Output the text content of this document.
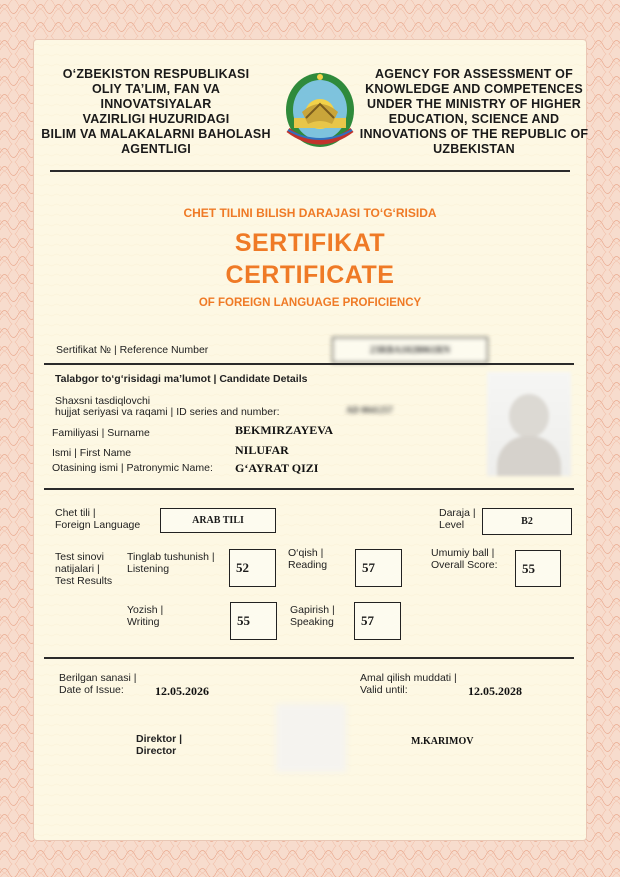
O‘ZBEKISTON RESPUBLIKASI
OLIY TA’LIM, FAN VA INNOVATSIYALAR
VAZIRLIGI HUZURIDAGI
BILIM VA MALAKALARNI BAHOLASH
AGENTLIGI
AGENCY FOR ASSESSMENT OF
KNOWLEDGE AND COMPETENCES
UNDER THE MINISTRY OF HIGHER
EDUCATION, SCIENCE AND
INNOVATIONS OF THE REPUBLIC OF
UZBEKISTAN
CHET TILINI BILISH DARAJASI TO‘G‘RISIDA
SERTIFIKAT
CERTIFICATE
OF FOREIGN LANGUAGE PROFICIENCY
Sertifikat № | Reference Number	23RBA1028061RN
Talabgor to‘g‘risidagi ma’lumot | Candidate Details
Shaxsni tasdiqlovchi
hujjat seriyasi va raqami | ID series and number:	AD 0041257
Familiyasi | Surname	BEKMIRZAYEVA
Ismi | First Name	NILUFAR
Otasining ismi | Patronymic Name: G‘AYRAT QIZI
Chet tili |
Foreign Language	ARAB TILI
Daraja |
Level	B2
Test sinovi
natijalari |
Test Results
Tinglab tushunish |
Listening	52
O‘qish |
Reading	57
Umumiy ball |
Overall Score:	55
Yozish |
Writing	55
Gapirish |
Speaking	57
Berilgan sanasi |
Date of Issue:	12.05.2026
Amal qilish muddati |
Valid until:	12.05.2028
Direktor |
Director
M.KARIMOV
